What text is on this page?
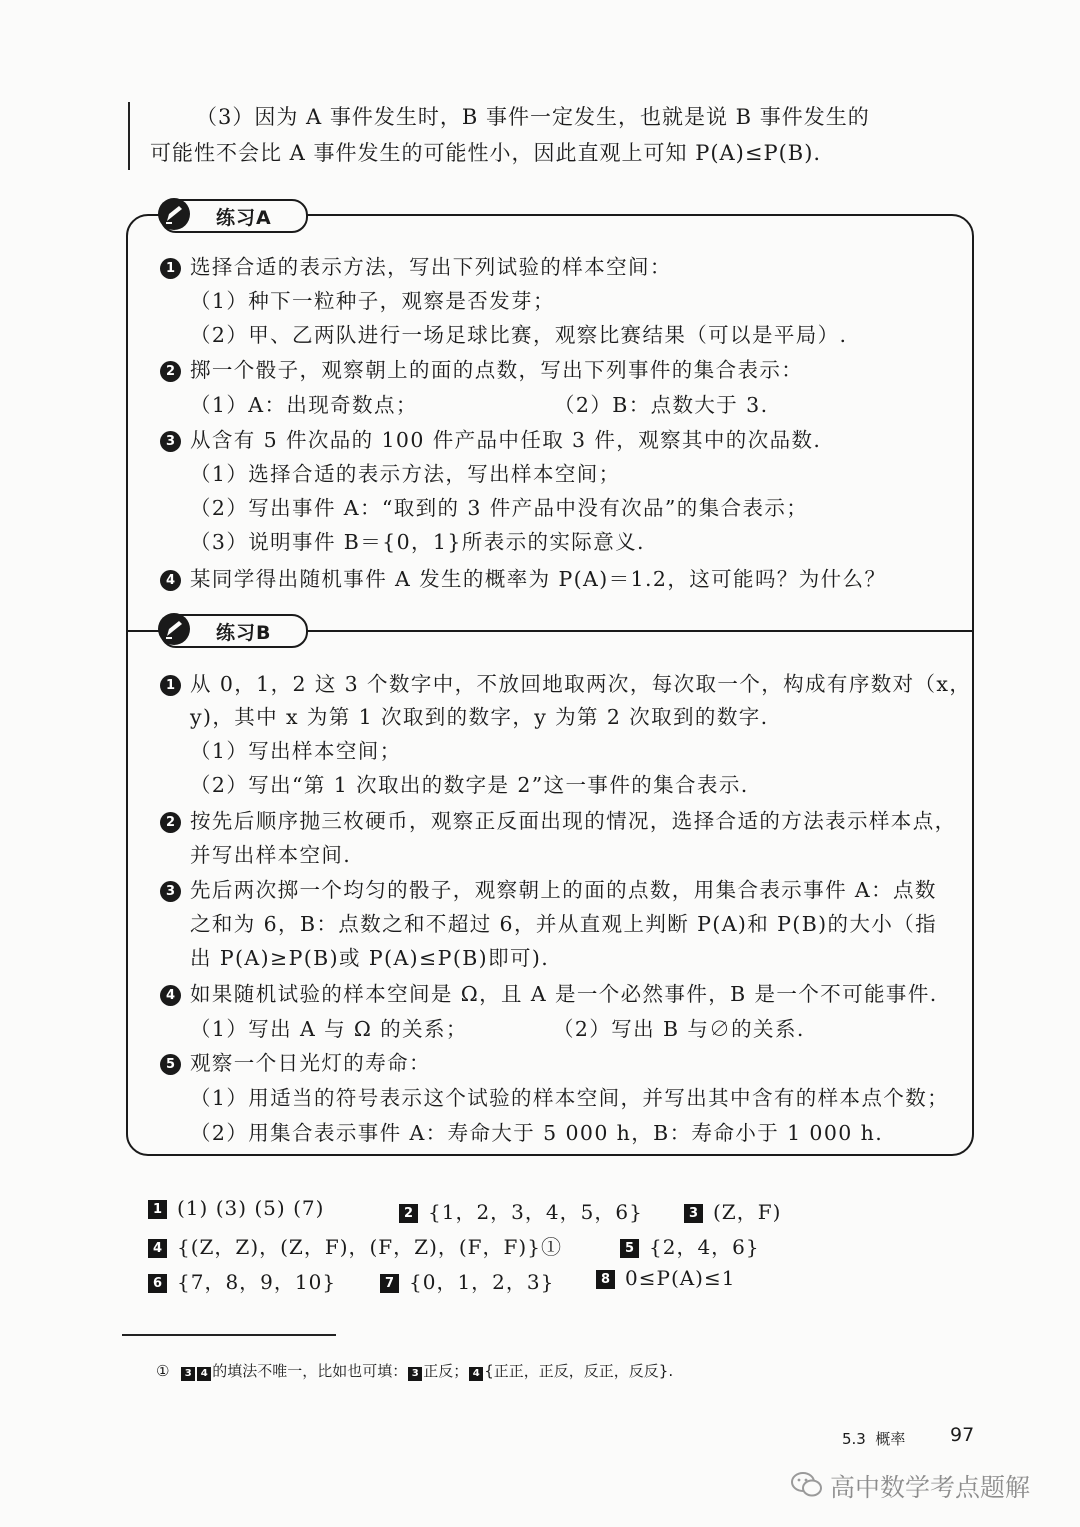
（3）因为 A 事件发生时，B 事件一定发生，也就是说 B 事件发生的
可能性不会比 A 事件发生的可能性小，因此直观上可知 P(A)≤P(B).
练习A
练习B
1 选择合适的表示方法，写出下列试验的样本空间：
（1）种下一粒种子，观察是否发芽；
（2）甲、乙两队进行一场足球比赛，观察比赛结果（可以是平局）.
2 掷一个骰子，观察朝上的面的点数，写出下列事件的集合表示：
（1）A：出现奇数点；	（2）B：点数大于 3.
3 从含有 5 件次品的 100 件产品中任取 3 件，观察其中的次品数.
（1）选择合适的表示方法，写出样本空间；
（2）写出事件 A：“取到的 3 件产品中没有次品”的集合表示；
（3）说明事件 B＝{0，1}所表示的实际意义.
4 某同学得出随机事件 A 发生的概率为 P(A)＝1.2，这可能吗？为什么？
1 从 0，1，2 这 3 个数字中，不放回地取两次，每次取一个，构成有序数对（x，
y)，其中 x 为第 1 次取到的数字，y 为第 2 次取到的数字.
（1）写出样本空间；
（2）写出“第 1 次取出的数字是 2”这一事件的集合表示.
2 按先后顺序抛三枚硬币，观察正反面出现的情况，选择合适的方法表示样本点，
并写出样本空间.
3 先后两次掷一个均匀的骰子，观察朝上的面的点数，用集合表示事件 A：点数
之和为 6，B：点数之和不超过 6，并从直观上判断 P(A)和 P(B)的大小（指
出 P(A)≥P(B)或 P(A)≤P(B)即可).
4 如果随机试验的样本空间是 Ω，且 A 是一个必然事件，B 是一个不可能事件.
（1）写出 A 与 Ω 的关系；	（2）写出 B 与∅的关系.
5 观察一个日光灯的寿命：
（1）用适当的符号表示这个试验的样本空间，并写出其中含有的样本点个数；
（2）用集合表示事件 A：寿命大于 5 000 h，B：寿命小于 1 000 h.
1 (1) (3) (5) (7)	2 {1，2，3，4，5，6}	3 (Z，F)
4 {(Z，Z)，(Z，F)，(F，Z)，(F，F)}①	5 {2，4，6}
6 {7，8，9，10}	7 {0，1，2，3}	8 0≤P(A)≤1
① 3 4 的填法不唯一，比如也可填： 3 正反； 4 {正正，正反，反正，反反}.
5.3  概率 97
高中数学考点题解
